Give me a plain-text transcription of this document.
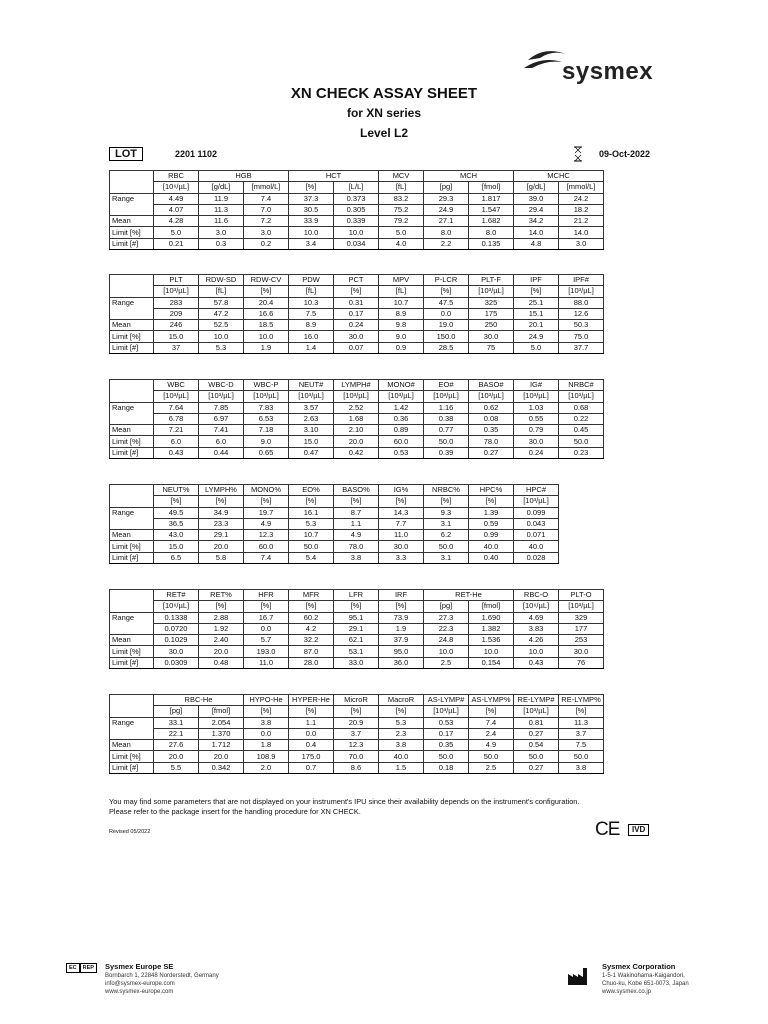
sysmex
XN CHECK ASSAY SHEET
for XN series
Level L2
LOT	2201 1102	09-Oct-2022
	RBC	HGB		HCT		MCV	MCH		MCHC	
	[10⁶/µL]	[g/dL]	[mmol/L]	[%]	[L/L]	[fL]	[pg]	[fmol]	[g/dL]	[mmol/L]
Range	4.49	11.9	7.4	37.3	0.373	83.2	29.3	1.817	39.0	24.2
	4.07	11.3	7.0	30.5	0.305	75.2	24.9	1.547	29.4	18.2
Mean	4.28	11.6	7.2	33.9	0.339	79.2	27.1	1.682	34.2	21.2
Limit [%]	5.0	3.0	3.0	10.0	10.0	5.0	8.0	8.0	14.0	14.0
Limit [#]	0.21	0.3	0.2	3.4	0.034	4.0	2.2	0.135	4.8	3.0
	PLT	RDW-SD	RDW-CV	PDW	PCT	MPV	P-LCR	PLT-F	IPF	IPF#
	[10³/µL]	[fL]	[%]	[fL]	[%]	[fL]	[%]	[10³/µL]	[%]	[10³/µL]
Range	283	57.8	20.4	10.3	0.31	10.7	47.5	325	25.1	88.0
	209	47.2	16.6	7.5	0.17	8.9	0.0	175	15.1	12.6
Mean	246	52.5	18.5	8.9	0.24	9.8	19.0	250	20.1	50.3
Limit [%]	15.0	10.0	10.0	16.0	30.0	9.0	150.0	30.0	24.9	75.0
Limit [#]	37	5.3	1.9	1.4	0.07	0.9	28.5	75	5.0	37.7
	WBC	WBC-D	WBC-P	NEUT#	LYMPH#	MONO#	EO#	BASO#	IG#	NRBC#
	[10³/µL]	[10³/µL]	[10³/µL]	[10³/µL]	[10³/µL]	[10³/µL]	[10³/µL]	[10³/µL]	[10³/µL]	[10³/µL]
Range	7.64	7.85	7.83	3.57	2.52	1.42	1.16	0.62	1.03	0.68
	6.78	6.97	6.53	2.63	1.68	0.36	0.38	0.08	0.55	0.22
Mean	7.21	7.41	7.18	3.10	2.10	0.89	0.77	0.35	0.79	0.45
Limit [%]	6.0	6.0	9.0	15.0	20.0	60.0	50.0	78.0	30.0	50.0
Limit [#]	0.43	0.44	0.65	0.47	0.42	0.53	0.39	0.27	0.24	0.23
	NEUT%	LYMPH%	MONO%	EO%	BASO%	IG%	NRBC%	HPC%	HPC#
	[%]	[%]	[%]	[%]	[%]	[%]	[%]	[%]	[10³/µL]
Range	49.5	34.9	19.7	16.1	8.7	14.3	9.3	1.39	0.099
	36.5	23.3	4.9	5.3	1.1	7.7	3.1	0.59	0.043
Mean	43.0	29.1	12.3	10.7	4.9	11.0	6.2	0.99	0.071
Limit [%]	15.0	20.0	60.0	50.0	78.0	30.0	50.0	40.0	40.0
Limit [#]	6.5	5.8	7.4	5.4	3.8	3.3	3.1	0.40	0.028
	RET#	RET%	HFR	MFR	LFR	IRF	RET-He		RBC-O	PLT-O
	[10⁶/µL]	[%]	[%]	[%]	[%]	[%]	[pg]	[fmol]	[10⁶/µL]	[10³/µL]
Range	0.1338	2.88	16.7	60.2	95.1	73.9	27.3	1.690	4.69	329
	0.0720	1.92	0.0	4.2	29.1	1.9	22.3	1.382	3.83	177
Mean	0.1029	2.40	5.7	32.2	62.1	37.9	24.8	1.536	4.26	253
Limit [%]	30.0	20.0	193.0	87.0	53.1	95.0	10.0	10.0	10.0	30.0
Limit [#]	0.0309	0.48	11.0	28.0	33.0	36.0	2.5	0.154	0.43	76
	RBC-He		HYPO-He	HYPER-He	MicroR	MacroR	AS-LYMP#	AS-LYMP%	RE-LYMP#	RE-LYMP%
	[pg]	[fmol]	[%]	[%]	[%]	[%]	[10³/µL]	[%]	[10³/µL]	[%]
Range	33.1	2.054	3.8	1.1	20.9	5.3	0.53	7.4	0.81	11.3
	22.1	1.370	0.0	0.0	3.7	2.3	0.17	2.4	0.27	3.7
Mean	27.6	1.712	1.8	0.4	12.3	3.8	0.35	4.9	0.54	7.5
Limit [%]	20.0	20.0	108.9	175.0	70.0	40.0	50.0	50.0	50.0	50.0
Limit [#]	5.5	0.342	2.0	0.7	8.6	1.5	0.18	2.5	0.27	3.8
You may find some parameters that are not displayed on your instrument's IPU since their availability depends on the instrument's configuration.
Please refer to the package insert for the handling procedure for XN CHECK.
Revised 05/2022	CE	IVD
EC	REP	Sysmex Europe SE
Bornbarch 1, 22848 Norderstedt, Germany
info@sysmex-europe.com
www.sysmex-europe.com
Sysmex Corporation
1-5-1 Wakinohama-Kaigandori,
Chuo-ku, Kobe 651-0073, Japan
www.sysmex.co.jp
